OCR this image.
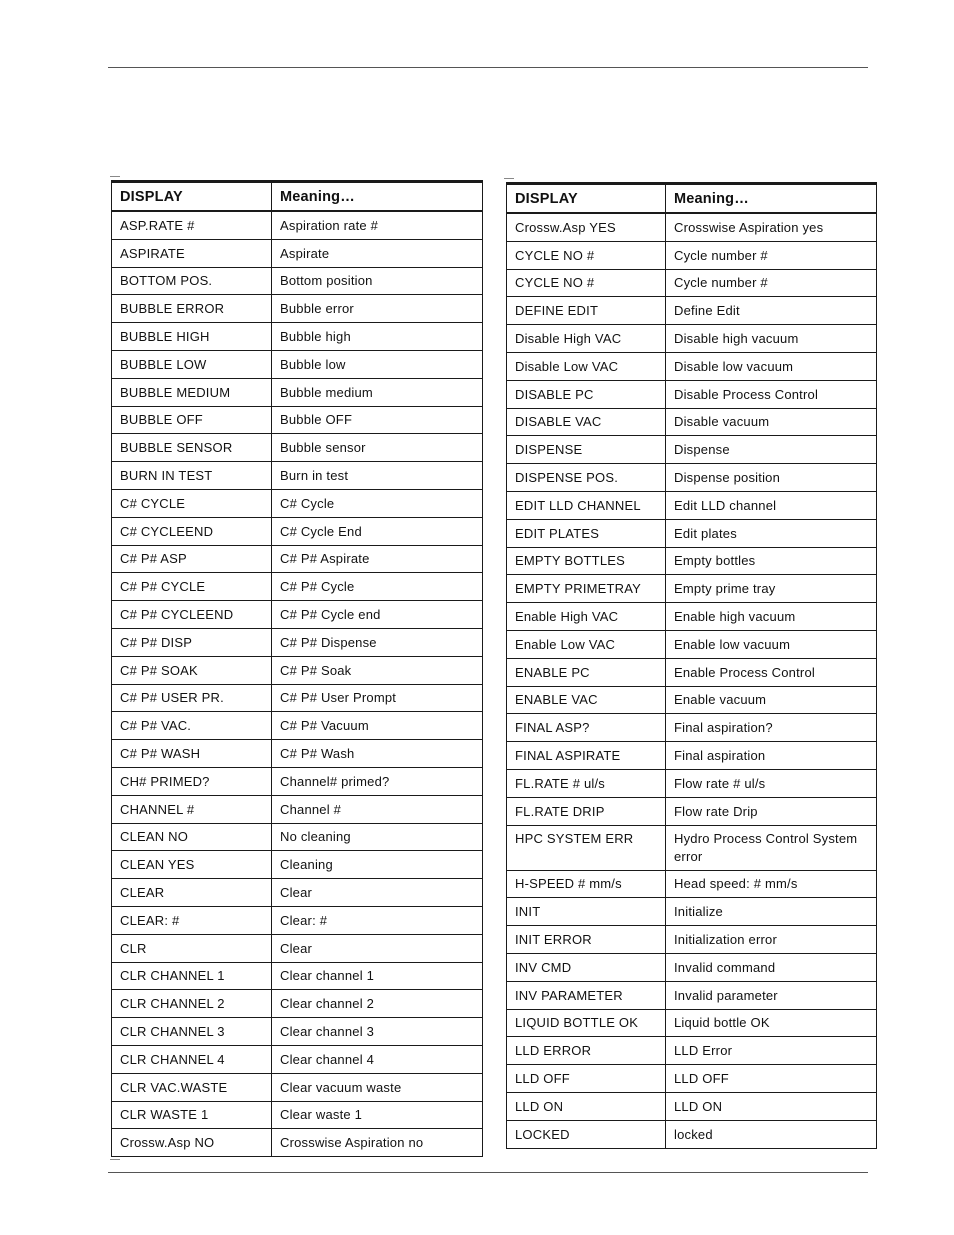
DISPLAY	Meaning…
ASP.RATE #	Aspiration rate #
ASPIRATE	Aspirate
BOTTOM POS.	Bottom position
BUBBLE ERROR	Bubble error
BUBBLE HIGH	Bubble high
BUBBLE LOW	Bubble low
BUBBLE MEDIUM	Bubble medium
BUBBLE OFF	Bubble OFF
BUBBLE SENSOR	Bubble sensor
BURN IN TEST	Burn in test
C# CYCLE	C# Cycle
C# CYCLEEND	C# Cycle End
C# P# ASP	C# P# Aspirate
C# P# CYCLE	C# P# Cycle
C# P# CYCLEEND	C# P# Cycle end
C# P# DISP	C# P# Dispense
C# P# SOAK	C# P# Soak
C# P# USER PR.	C# P# User Prompt
C# P# VAC.	C# P# Vacuum
C# P# WASH	C# P# Wash
CH# PRIMED?	Channel# primed?
CHANNEL #	Channel #
CLEAN NO	No cleaning
CLEAN YES	Cleaning
CLEAR	Clear
CLEAR: #	Clear: #
CLR	Clear
CLR CHANNEL 1	Clear channel 1
CLR CHANNEL 2	Clear channel 2
CLR CHANNEL 3	Clear channel 3
CLR CHANNEL 4	Clear channel 4
CLR VAC.WASTE	Clear vacuum waste
CLR WASTE 1	Clear waste 1
Crossw.Asp NO	Crosswise Aspiration no
DISPLAY	Meaning…
Crossw.Asp YES	Crosswise Aspiration yes
CYCLE NO #	Cycle number #
CYCLE NO #	Cycle number #
DEFINE EDIT	Define Edit
Disable High VAC	Disable high vacuum
Disable Low VAC	Disable low vacuum
DISABLE PC	Disable Process Control
DISABLE VAC	Disable vacuum
DISPENSE	Dispense
DISPENSE POS.	Dispense position
EDIT LLD CHANNEL	Edit LLD channel
EDIT PLATES	Edit plates
EMPTY BOTTLES	Empty bottles
EMPTY PRIMETRAY	Empty prime tray
Enable High VAC	Enable high vacuum
Enable Low VAC	Enable low vacuum
ENABLE PC	Enable Process Control
ENABLE VAC	Enable vacuum
FINAL ASP?	Final aspiration?
FINAL ASPIRATE	Final aspiration
FL.RATE # ul/s	Flow rate # ul/s
FL.RATE DRIP	Flow rate Drip
HPC SYSTEM ERR	Hydro Process Control System error
H-SPEED # mm/s	Head speed: # mm/s
INIT	Initialize
INIT ERROR	Initialization error
INV CMD	Invalid command
INV PARAMETER	Invalid parameter
LIQUID BOTTLE OK	Liquid bottle OK
LLD ERROR	LLD Error
LLD OFF	LLD OFF
LLD ON	LLD ON
LOCKED	locked
